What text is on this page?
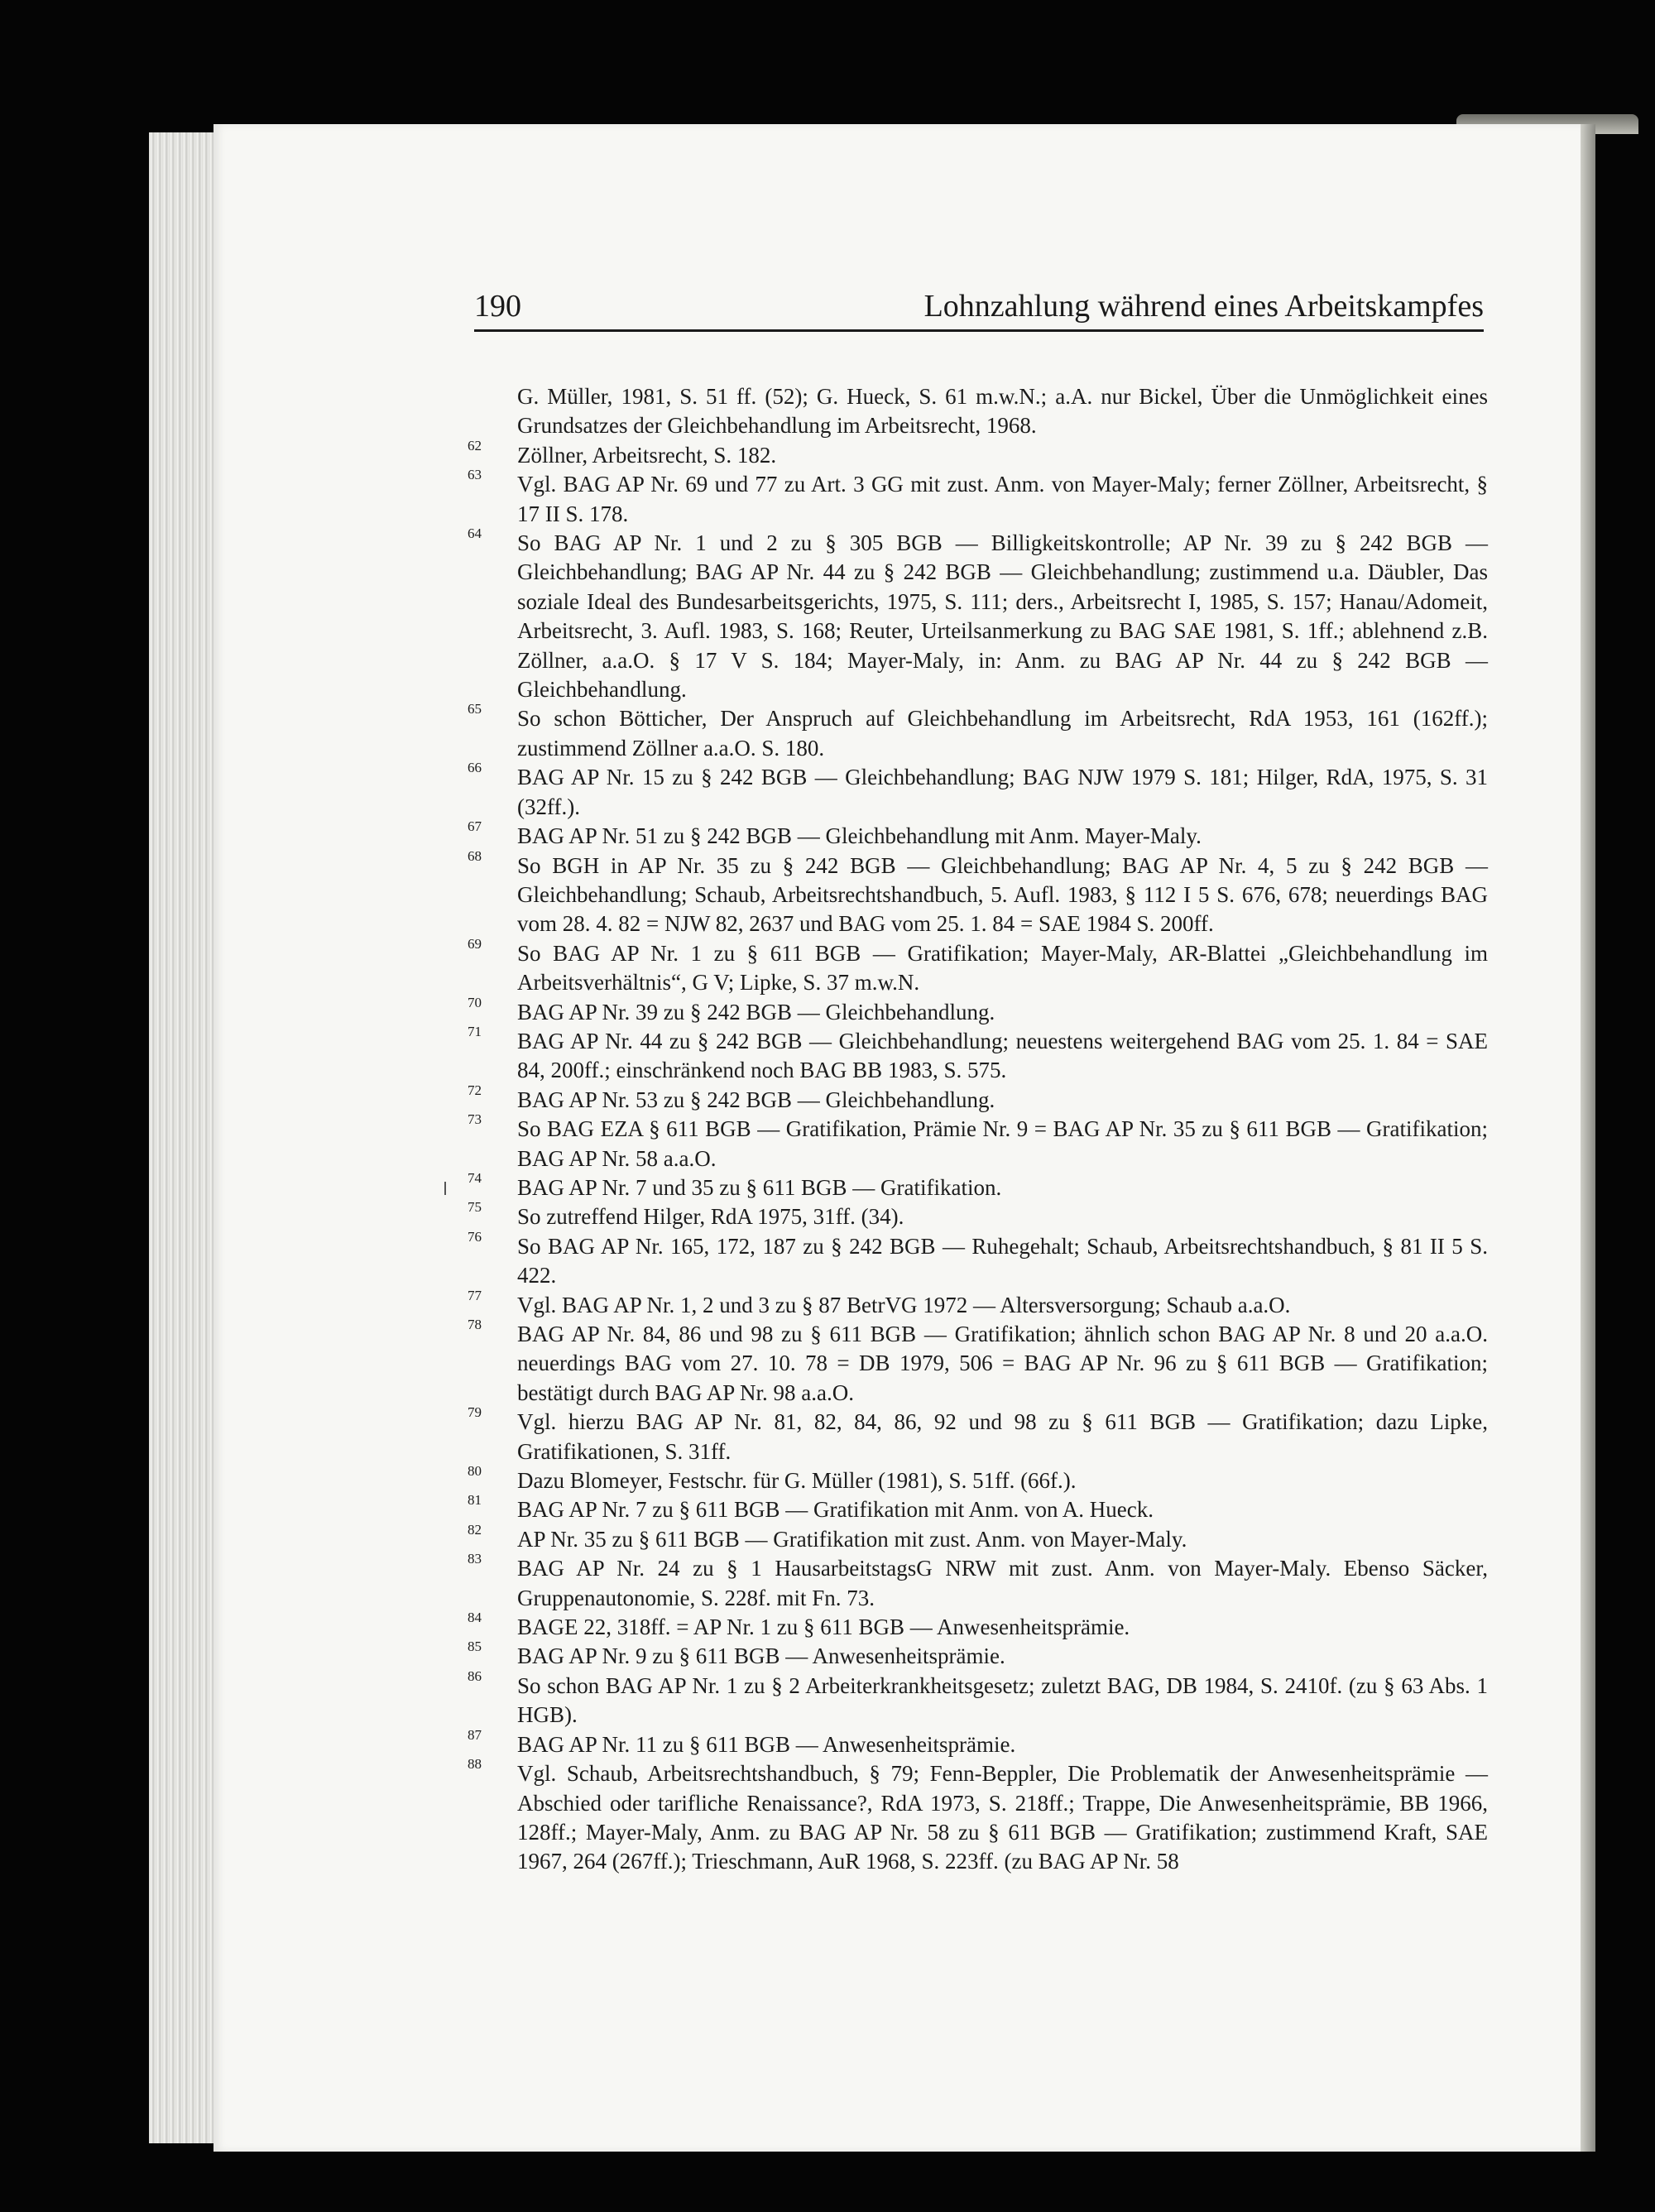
190	Lohnzahlung während eines Arbeitskampfes
G. Müller, 1981, S. 51 ff. (52); G. Hueck, S. 61 m.w.N.; a.A. nur Bickel, Über die Unmöglichkeit eines Grundsatzes der Gleichbehandlung im Arbeitsrecht, 1968.
62 Zöllner, Arbeitsrecht, S. 182.
63 Vgl. BAG AP Nr. 69 und 77 zu Art. 3 GG mit zust. Anm. von Mayer-Maly; ferner Zöllner, Arbeitsrecht, § 17 II S. 178.
64 So BAG AP Nr. 1 und 2 zu § 305 BGB — Billigkeitskontrolle; AP Nr. 39 zu § 242 BGB — Gleichbehandlung; BAG AP Nr. 44 zu § 242 BGB — Gleichbehandlung; zustimmend u.a. Däubler, Das soziale Ideal des Bundesarbeitsgerichts, 1975, S. 111; ders., Arbeitsrecht I, 1985, S. 157; Hanau/Adomeit, Arbeitsrecht, 3. Aufl. 1983, S. 168; Reuter, Urteilsanmerkung zu BAG SAE 1981, S. 1ff.; ablehnend z.B. Zöllner, a.a.O. § 17 V S. 184; Mayer-Maly, in: Anm. zu BAG AP Nr. 44 zu § 242 BGB — Gleichbehandlung.
65 So schon Bötticher, Der Anspruch auf Gleichbehandlung im Arbeitsrecht, RdA 1953, 161 (162ff.); zustimmend Zöllner a.a.O. S. 180.
66 BAG AP Nr. 15 zu § 242 BGB — Gleichbehandlung; BAG NJW 1979 S. 181; Hilger, RdA, 1975, S. 31 (32ff.).
67 BAG AP Nr. 51 zu § 242 BGB — Gleichbehandlung mit Anm. Mayer-Maly.
68 So BGH in AP Nr. 35 zu § 242 BGB — Gleichbehandlung; BAG AP Nr. 4, 5 zu § 242 BGB — Gleichbehandlung; Schaub, Arbeitsrechtshandbuch, 5. Aufl. 1983, § 112 I 5 S. 676, 678; neuerdings BAG vom 28. 4. 82 = NJW 82, 2637 und BAG vom 25. 1. 84 = SAE 1984 S. 200ff.
69 So BAG AP Nr. 1 zu § 611 BGB — Gratifikation; Mayer-Maly, AR-Blattei „Gleichbehandlung im Arbeitsverhältnis“, G V; Lipke, S. 37 m.w.N.
70 BAG AP Nr. 39 zu § 242 BGB — Gleichbehandlung.
71 BAG AP Nr. 44 zu § 242 BGB — Gleichbehandlung; neuestens weitergehend BAG vom 25. 1. 84 = SAE 84, 200ff.; einschränkend noch BAG BB 1983, S. 575.
72 BAG AP Nr. 53 zu § 242 BGB — Gleichbehandlung.
73 So BAG EZA § 611 BGB — Gratifikation, Prämie Nr. 9 = BAG AP Nr. 35 zu § 611 BGB — Gratifikation; BAG AP Nr. 58 a.a.O.
74 BAG AP Nr. 7 und 35 zu § 611 BGB — Gratifikation.
75 So zutreffend Hilger, RdA 1975, 31ff. (34).
76 So BAG AP Nr. 165, 172, 187 zu § 242 BGB — Ruhegehalt; Schaub, Arbeitsrechtshandbuch, § 81 II 5 S. 422.
77 Vgl. BAG AP Nr. 1, 2 und 3 zu § 87 BetrVG 1972 — Altersversorgung; Schaub a.a.O.
78 BAG AP Nr. 84, 86 und 98 zu § 611 BGB — Gratifikation; ähnlich schon BAG AP Nr. 8 und 20 a.a.O. neuerdings BAG vom 27. 10. 78 = DB 1979, 506 = BAG AP Nr. 96 zu § 611 BGB — Gratifikation; bestätigt durch BAG AP Nr. 98 a.a.O.
79 Vgl. hierzu BAG AP Nr. 81, 82, 84, 86, 92 und 98 zu § 611 BGB — Gratifikation; dazu Lipke, Gratifikationen, S. 31ff.
80 Dazu Blomeyer, Festschr. für G. Müller (1981), S. 51ff. (66f.).
81 BAG AP Nr. 7 zu § 611 BGB — Gratifikation mit Anm. von A. Hueck.
82 AP Nr. 35 zu § 611 BGB — Gratifikation mit zust. Anm. von Mayer-Maly.
83 BAG AP Nr. 24 zu § 1 HausarbeitstagsG NRW mit zust. Anm. von Mayer-Maly. Ebenso Säcker, Gruppenautonomie, S. 228f. mit Fn. 73.
84 BAGE 22, 318ff. = AP Nr. 1 zu § 611 BGB — Anwesenheitsprämie.
85 BAG AP Nr. 9 zu § 611 BGB — Anwesenheitsprämie.
86 So schon BAG AP Nr. 1 zu § 2 Arbeiterkrankheitsgesetz; zuletzt BAG, DB 1984, S. 2410f. (zu § 63 Abs. 1 HGB).
87 BAG AP Nr. 11 zu § 611 BGB — Anwesenheitsprämie.
88 Vgl. Schaub, Arbeitsrechtshandbuch, § 79; Fenn-Beppler, Die Problematik der Anwesenheitsprämie — Abschied oder tarifliche Renaissance?, RdA 1973, S. 218ff.; Trappe, Die Anwesenheitsprämie, BB 1966, 128ff.; Mayer-Maly, Anm. zu BAG AP Nr. 58 zu § 611 BGB — Gratifikation; zustimmend Kraft, SAE 1967, 264 (267ff.); Trieschmann, AuR 1968, S. 223ff. (zu BAG AP Nr. 58
